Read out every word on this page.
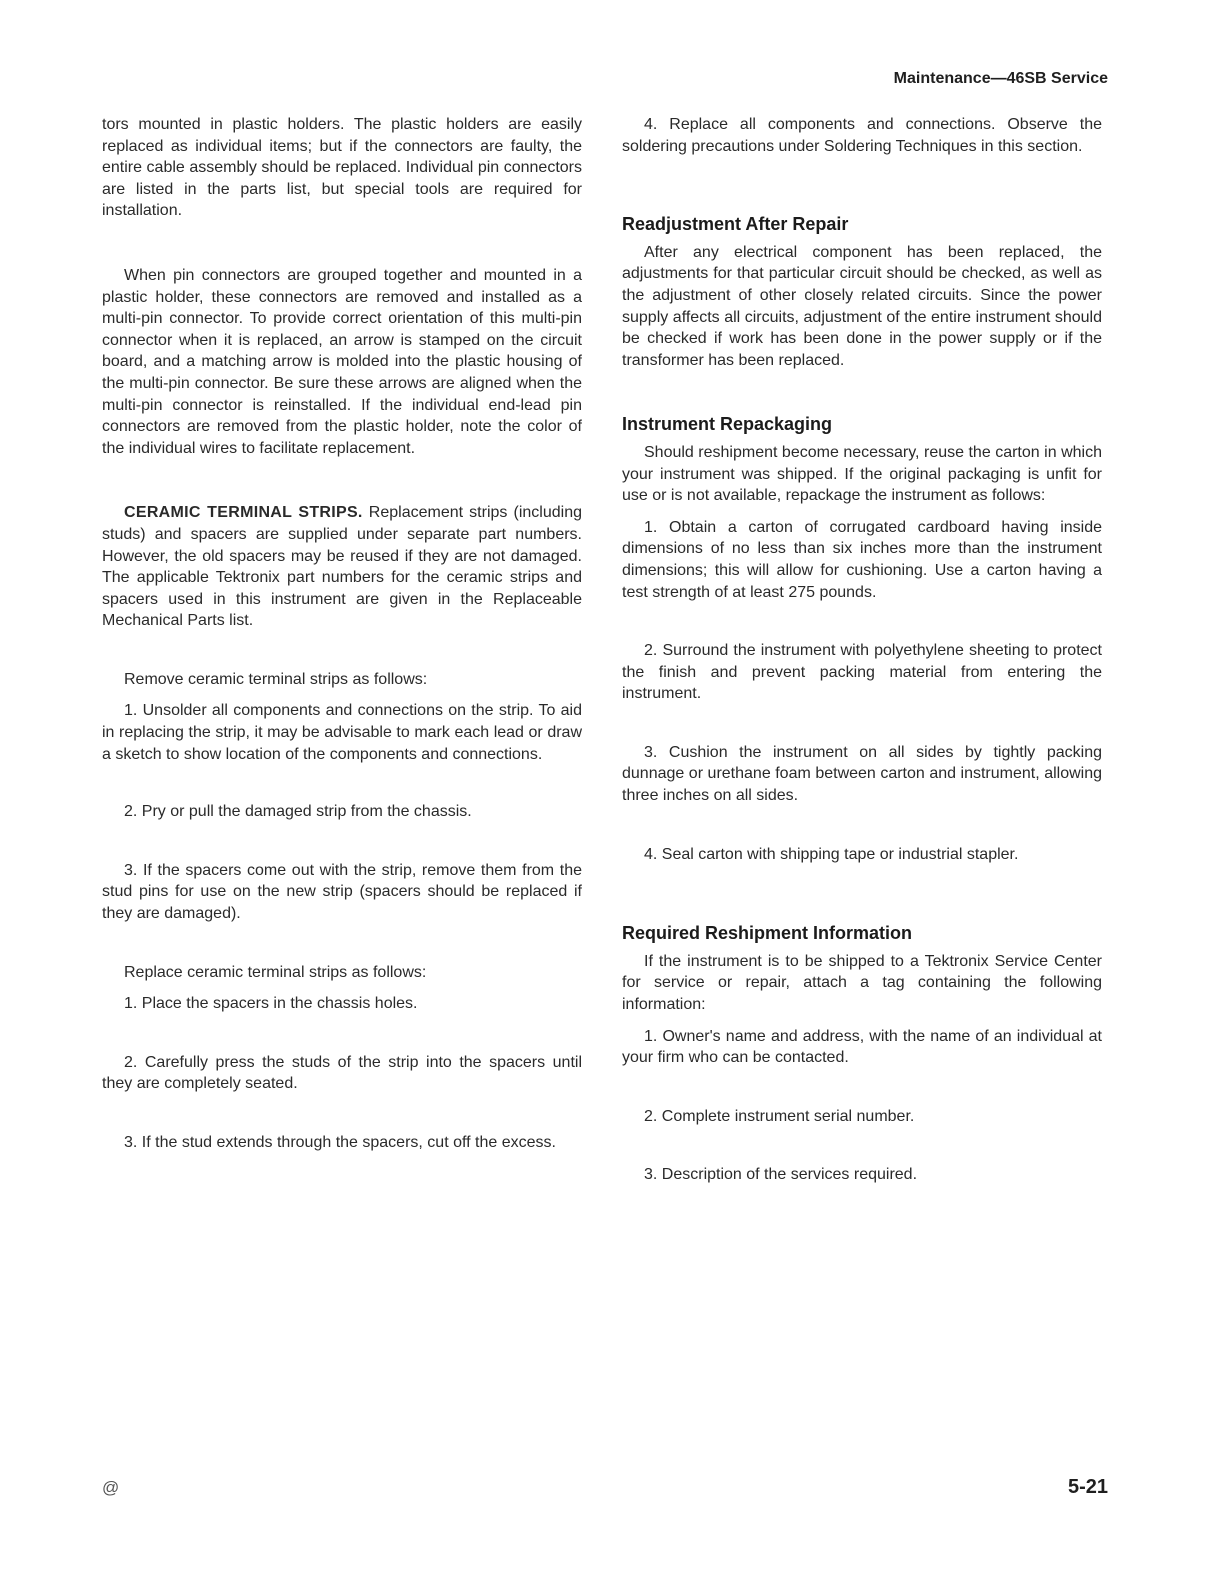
Maintenance—46SB Service

tors mounted in plastic holders. The plastic holders are easily replaced as individual items; but if the connectors are faulty, the entire cable assembly should be replaced. Individual pin connectors are listed in the parts list, but special tools are required for installation.

When pin connectors are grouped together and mounted in a plastic holder, these connectors are removed and installed as a multi-pin connector. To provide correct orientation of this multi-pin connector when it is replaced, an arrow is stamped on the circuit board, and a matching arrow is molded into the plastic housing of the multi-pin connector. Be sure these arrows are aligned when the multi-pin connector is reinstalled. If the individual end-lead pin connectors are removed from the plastic holder, note the color of the individual wires to facilitate replacement.

CERAMIC TERMINAL STRIPS. Replacement strips (including studs) and spacers are supplied under separate part numbers. However, the old spacers may be reused if they are not damaged. The applicable Tektronix part numbers for the ceramic strips and spacers used in this instrument are given in the Replaceable Mechanical Parts list.

Remove ceramic terminal strips as follows:

1. Unsolder all components and connections on the strip. To aid in replacing the strip, it may be advisable to mark each lead or draw a sketch to show location of the components and connections.

2. Pry or pull the damaged strip from the chassis.

3. If the spacers come out with the strip, remove them from the stud pins for use on the new strip (spacers should be replaced if they are damaged).

Replace ceramic terminal strips as follows:

1. Place the spacers in the chassis holes.

2. Carefully press the studs of the strip into the spacers until they are completely seated.

3. If the stud extends through the spacers, cut off the excess.

4. Replace all components and connections. Observe the soldering precautions under Soldering Techniques in this section.

Readjustment After Repair

After any electrical component has been replaced, the adjustments for that particular circuit should be checked, as well as the adjustment of other closely related circuits. Since the power supply affects all circuits, adjustment of the entire instrument should be checked if work has been done in the power supply or if the transformer has been replaced.

Instrument Repackaging

Should reshipment become necessary, reuse the carton in which your instrument was shipped. If the original packaging is unfit for use or is not available, repackage the instrument as follows:

1. Obtain a carton of corrugated cardboard having inside dimensions of no less than six inches more than the instrument dimensions; this will allow for cushioning. Use a carton having a test strength of at least 275 pounds.

2. Surround the instrument with polyethylene sheeting to protect the finish and prevent packing material from entering the instrument.

3. Cushion the instrument on all sides by tightly packing dunnage or urethane foam between carton and instrument, allowing three inches on all sides.

4. Seal carton with shipping tape or industrial stapler.

Required Reshipment Information

If the instrument is to be shipped to a Tektronix Service Center for service or repair, attach a tag containing the following information:

1. Owner's name and address, with the name of an individual at your firm who can be contacted.

2. Complete instrument serial number.

3. Description of the services required.

@	5-21
